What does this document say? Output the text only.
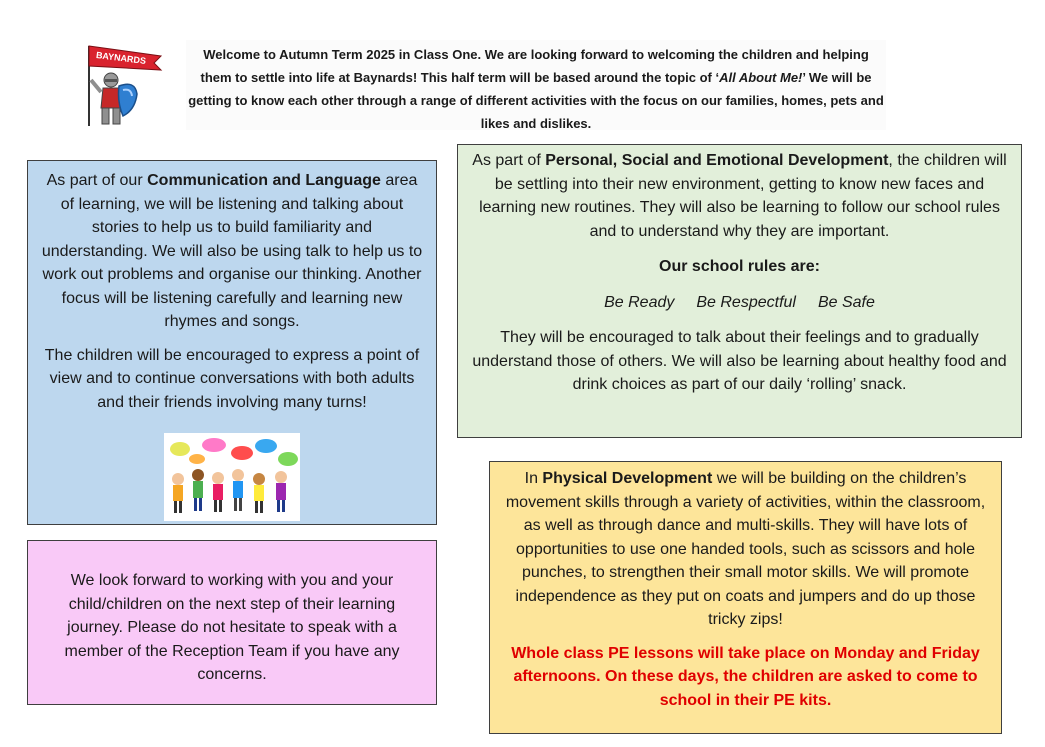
BAYNARDS	Welcome to Autumn Term 2025 in Class One. We are looking forward to welcoming the children and helping
them to settle into life at Baynards! This half term will be based around the topic of ‘All About Me!’ We will be
getting to know each other through a range of different activities with the focus on our families, homes, pets and
likes and dislikes.

As part of our Communication and Language area of learning, we will be listening and talking about stories to help us to build familiarity and understanding. We will also be using talk to help us to work out problems and organise our thinking. Another focus will be listening carefully and learning new rhymes and songs.

The children will be encouraged to express a point of view and to continue conversations with both adults and their friends involving many turns!

As part of Personal, Social and Emotional Development, the children will be settling into their new environment, getting to know new faces and learning new routines. They will also be learning to follow our school rules and to understand why they are important.

Our school rules are:

Be Ready Be Respectful Be Safe

They will be encouraged to talk about their feelings and to gradually understand those of others. We will also be learning about healthy food and drink choices as part of our daily ‘rolling’ snack.

We look forward to working with you and your child/children on the next step of their learning journey. Please do not hesitate to speak with a member of the Reception Team if you have any concerns.

In Physical Development we will be building on the children’s movement skills through a variety of activities, within the classroom, as well as through dance and multi-skills. They will have lots of opportunities to use one handed tools, such as scissors and hole punches, to strengthen their small motor skills. We will promote independence as they put on coats and jumpers and do up those tricky zips!

Whole class PE lessons will take place on Monday and Friday afternoons. On these days, the children are asked to come to school in their PE kits.
